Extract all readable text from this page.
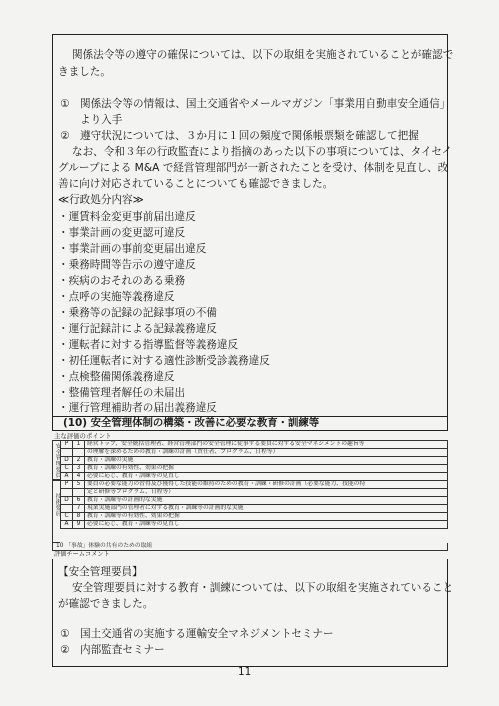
関係法令等の遵守の確保については、以下の取組を実施されていることが確認で
きました。
① 関係法令等の情報は、国土交通省やメールマガジン「事業用自動車安全通信」
より入手
② 遵守状況については、３か月に１回の頻度で関係帳票類を確認して把握
なお、令和３年の行政監査により指摘のあった以下の事項については、タイセイ
グループによる M&A で経営管理部門が一新されたことを受け、体制を見直し、改
善に向け対応されていることについても確認できました。
≪行政処分内容≫
・運賃料金変更事前届出違反
・事業計画の変更認可違反
・事業計画の事前変更届出違反
・乗務時間等告示の遵守違反
・疾病のおそれのある乗務
・点呼の実施等義務違反
・乗務等の記録の記録事項の不備
・運行記録計による記録義務違反
・運転者に対する指導監督等義務違反
・初任運転者に対する適性診断受診義務違反
・点検整備関係義務違反
・整備管理者解任の未届出
・運行管理補助者の届出義務違反
(10) 安全管理体制の構築・改善に必要な教育・訓練等
主な評価のポイント
安全管理要員
技術要員
P	1	経営トップ、安全統括管理者、経営管理部門の安全管理に従事する要員に対する安全マネジメントの趣旨等
		の理解を深めるための教育・訓練の計画（責任者、プログラム、日程等）
D	2	教育・訓練の実施
C	3	教育・訓練の有効性、効果の把握
A	4	必要に応じ、教育・訓練等の見直し
P	5	要員の必要な能力の習得及び獲得した技能の維持のための教育・訓練・研修の計画（必要な能力、技能の特
		定と研修等プログラム、日程等）
D	6	教育・訓練等の計画的な実施
	7	現業実施部門の管理者に対する教育・訓練等の計画的な実施
C	8	教育・訓練等の有効性、効果の把握
A	9	必要に応じ、教育・訓練等の見直し
10 「事故」体験の共有のための取組
評価チームコメント
【安全管理要員】
安全管理要員に対する教育・訓練については、以下の取組を実施されていること
が確認できました。
① 国土交通省の実施する運輸安全マネジメントセミナー
② 内部監査セミナー
11
